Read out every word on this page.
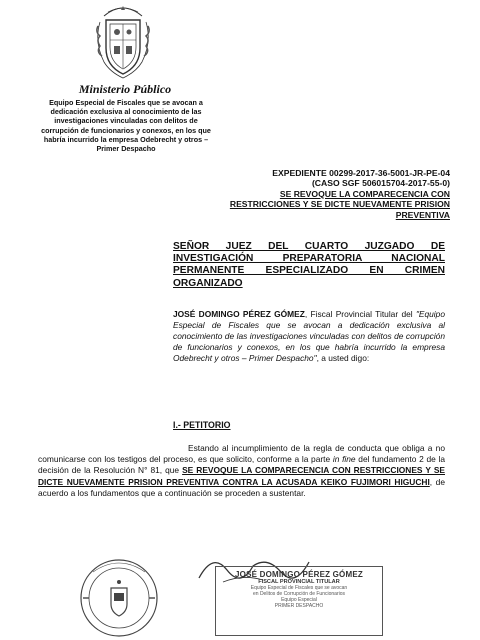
Ministerio Público

Equipo Especial de Fiscales que se avocan a dedicación exclusiva al conocimiento de las investigaciones vinculadas con delitos de corrupción de funcionarios y conexos, en los que habría incurrido la empresa Odebrecht y otros – Primer Despacho

EXPEDIENTE 00299-2017-36-5001-JR-PE-04
(CASO SGF 506015704-2017-55-0)
SE REVOQUE LA COMPARECENCIA CON
RESTRICCIONES Y SE DICTE NUEVAMENTE PRISION
PREVENTIVA

SEÑOR JUEZ DEL CUARTO JUZGADO DE INVESTIGACIÓN PREPARATORIA NACIONAL PERMANENTE ESPECIALIZADO EN CRIMEN ORGANIZADO

JOSÉ DOMINGO PÉREZ GÓMEZ, Fiscal Provincial Titular del "Equipo Especial de Fiscales que se avocan a dedicación exclusiva al conocimiento de las investigaciones vinculadas con delitos de corrupción de funcionarios y conexos, en los que habría incurrido la empresa Odebrecht y otros – Primer Despacho", a usted digo:

I.- PETITORIO

Estando al incumplimiento de la regla de conducta que obliga a no comunicarse con los testigos del proceso, es que solicito, conforme a la parte in fine del fundamento 2 de la decisión de la Resolución N° 81, que SE REVOQUE LA COMPARECENCIA CON RESTRICCIONES Y SE DICTE NUEVAMENTE PRISION PREVENTIVA CONTRA LA ACUSADA KEIKO FUJIMORI HIGUCHI, de acuerdo a los fundamentos que a continuación se proceden a sustentar.

JOSÉ DOMINGO PÉREZ GÓMEZ

FISCAL PROVINCIAL TITULAR

Equipo Especial de Fiscales que se avocan

en Delitos de Corrupción de Funcionarios

Equipo Especial

PRIMER DESPACHO
